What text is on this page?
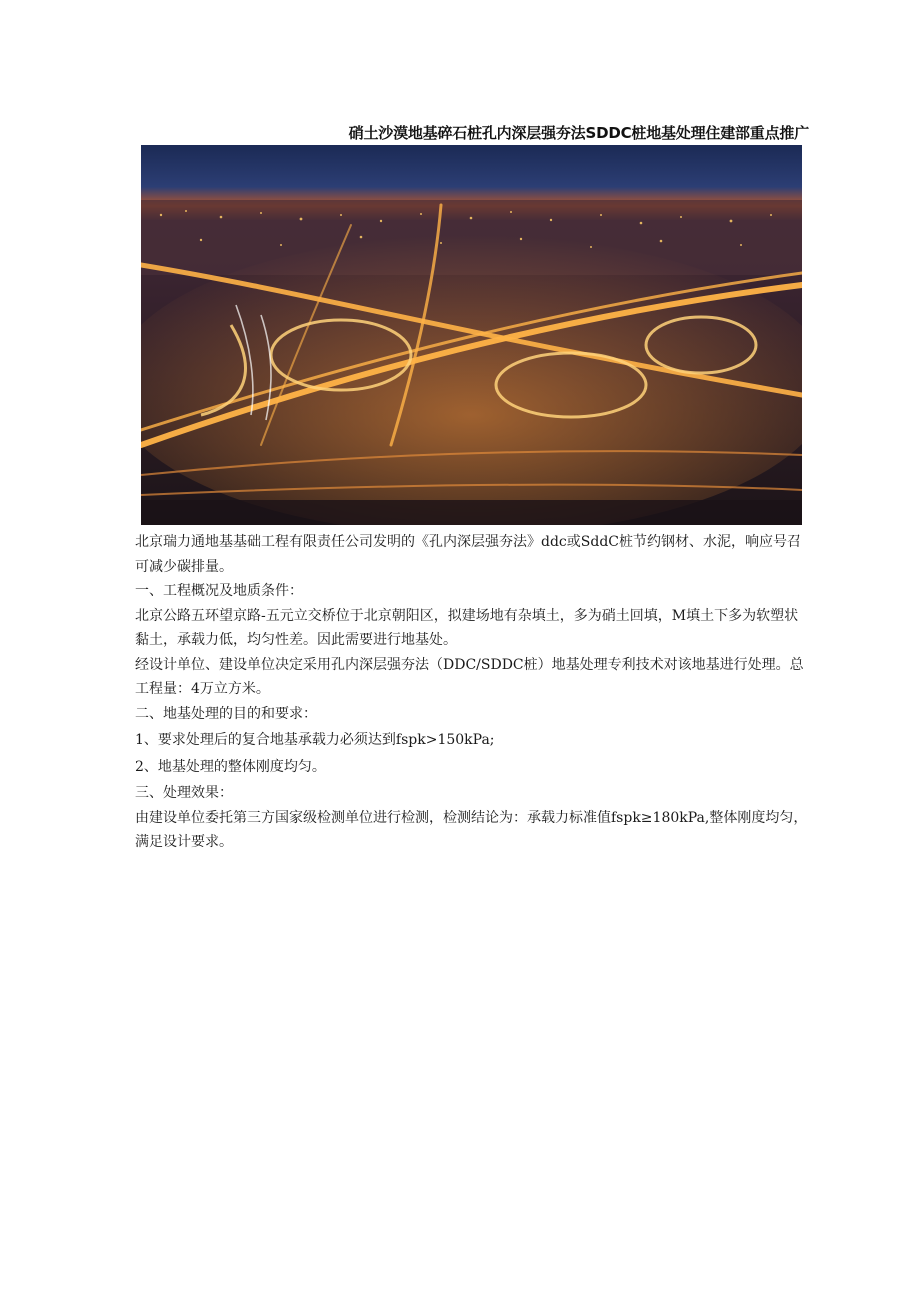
硝土沙漠地基碎石桩孔内深层强夯法SDDC桩地基处理住建部重点推广

北京瑞力通地基基础工程有限责任公司发明的《孔内深层强夯法》ddc或SddC桩节约钢材、水泥，响应号召可减少碳排量。

一、工程概况及地质条件：

北京公路五环望京路-五元立交桥位于北京朝阳区，拟建场地有杂填土，多为硝土回填，M填土下多为软塑状黏土，承载力低，均匀性差。因此需要进行地基处。

经设计单位、建设单位决定采用孔内深层强夯法（DDC/SDDC桩）地基处理专利技术对该地基进行处理。总工程量：4万立方米。

二、地基处理的目的和要求：

1、要求处理后的复合地基承载力必须达到fspk>150kPa;

2、地基处理的整体刚度均匀。

三、处理效果：

由建设单位委托第三方国家级检测单位进行检测，检测结论为：承载力标准值fspk≥180kPa,整体刚度均匀，满足设计要求。
